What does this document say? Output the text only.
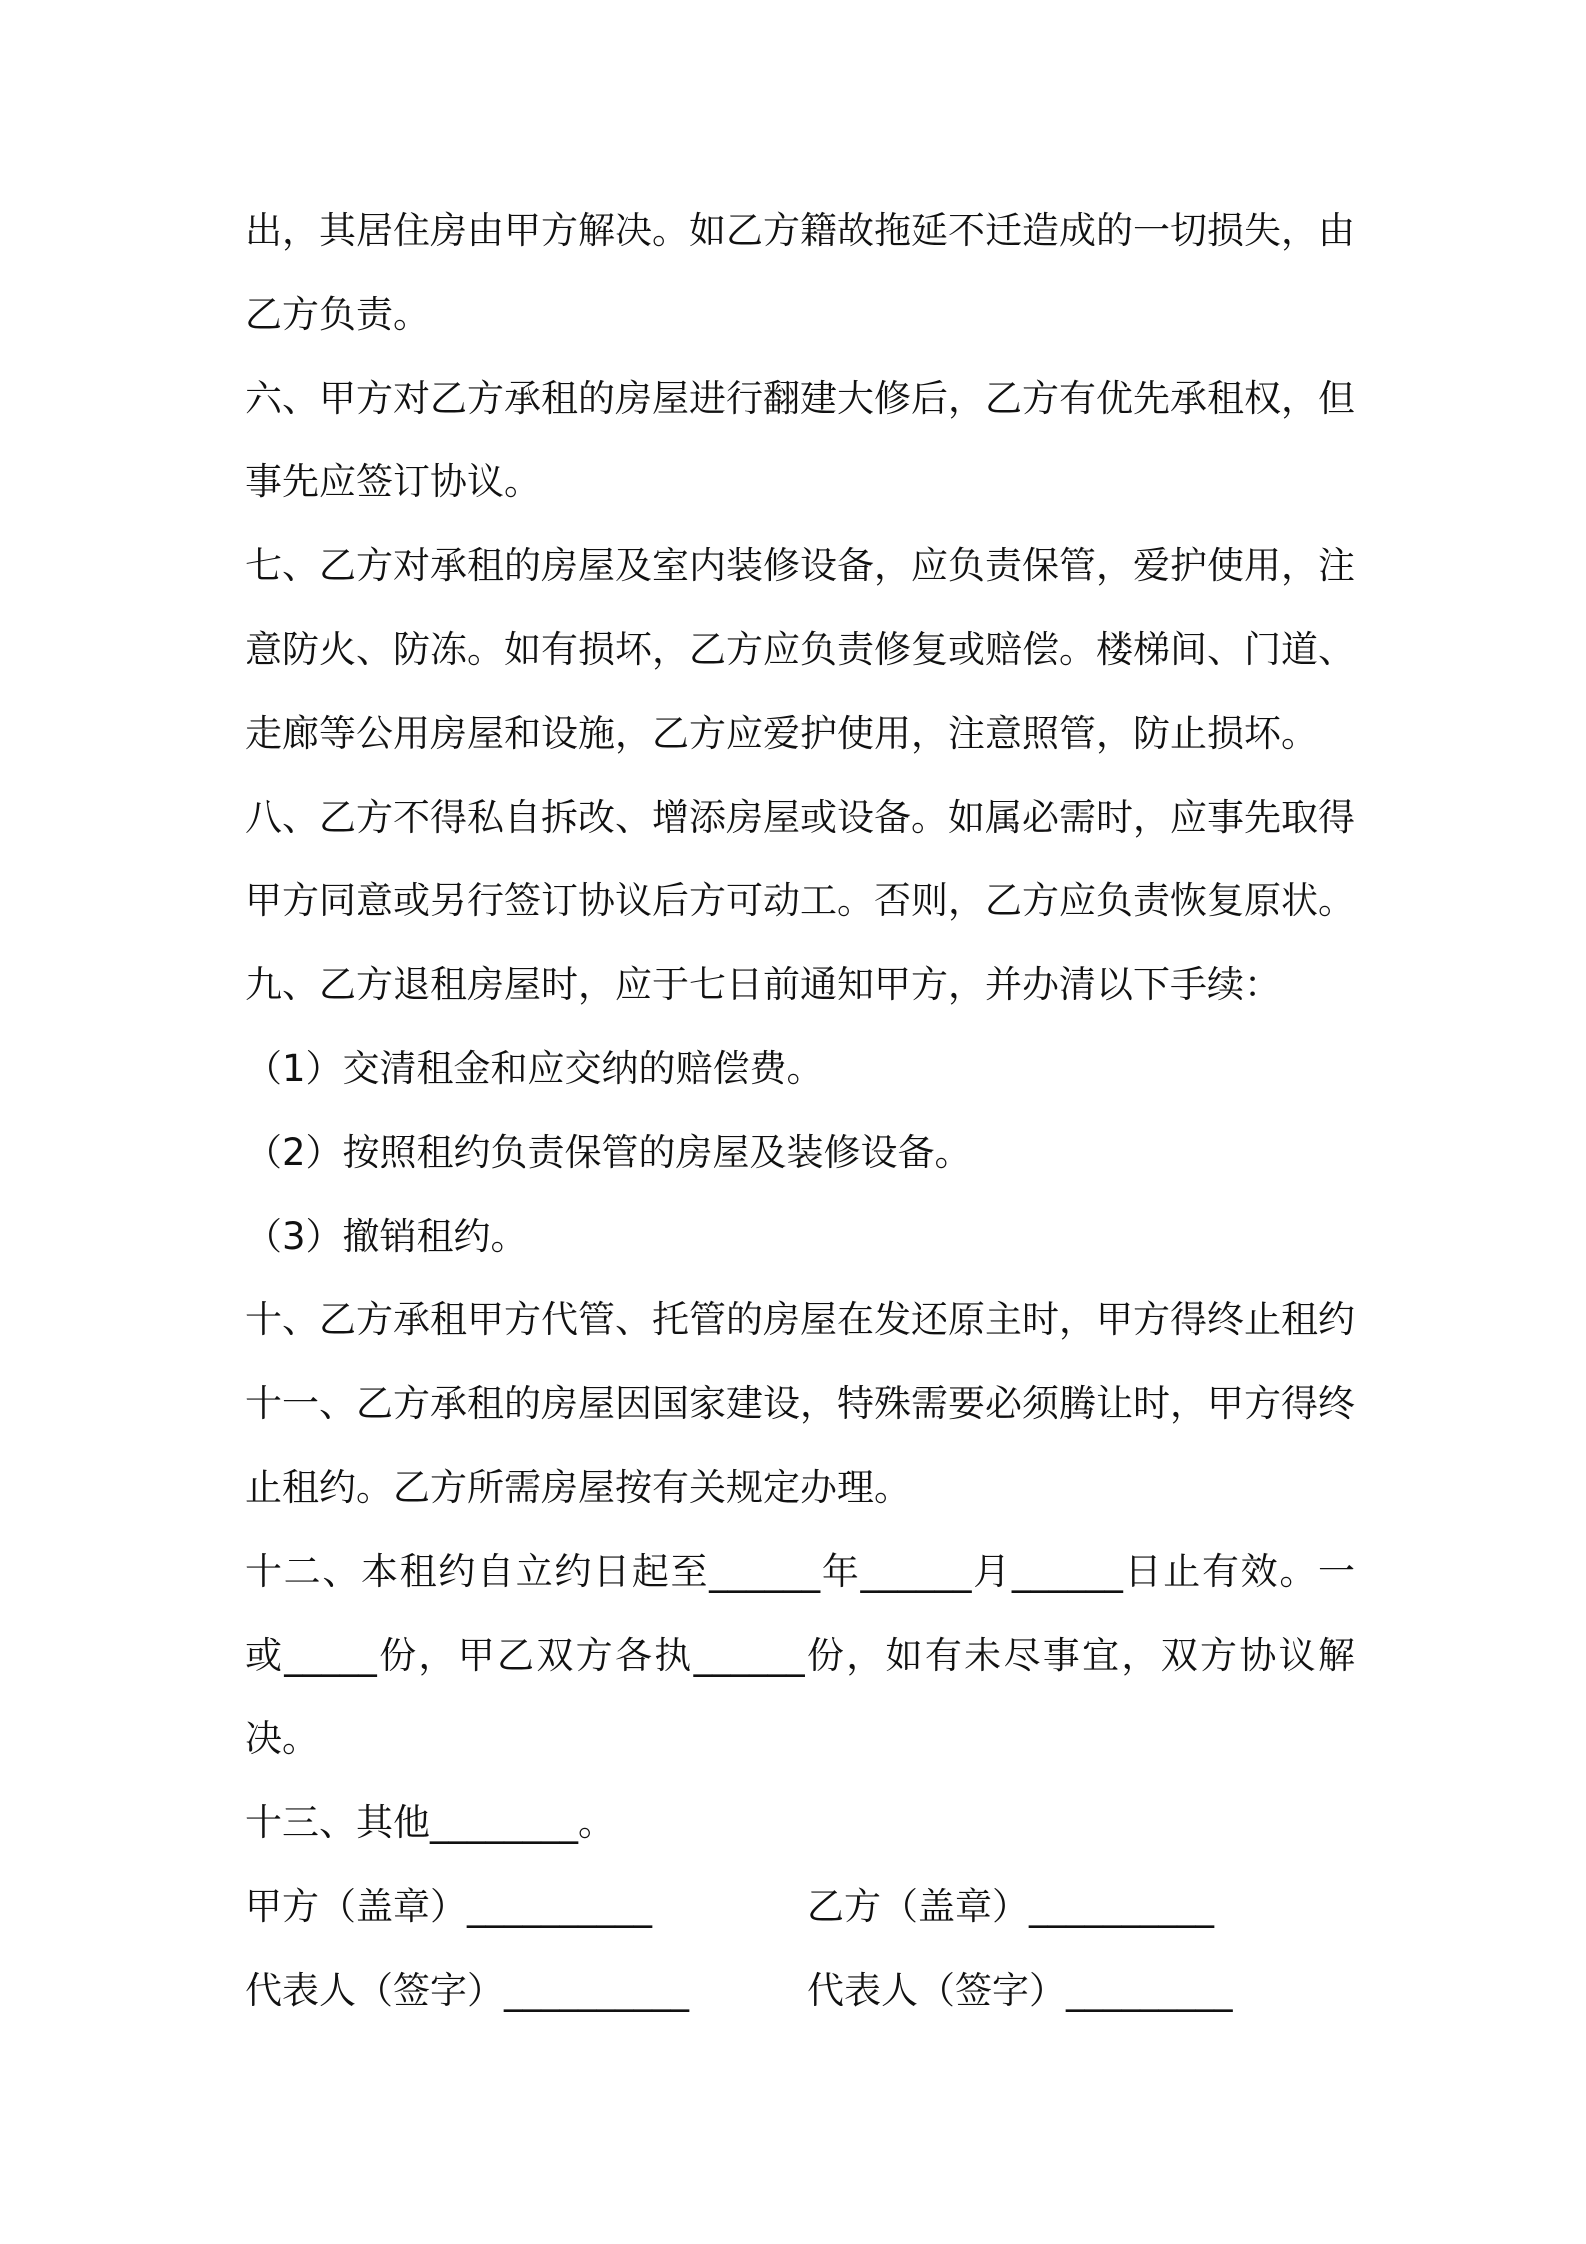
出，其居住房由甲方解决。如乙方籍故拖延不迁造成的一切损失，由
乙方负责。
六、甲方对乙方承租的房屋进行翻建大修后，乙方有优先承租权，但
事先应签订协议。
七、乙方对承租的房屋及室内装修设备，应负责保管，爱护使用，注
意防火、防冻。如有损坏，乙方应负责修复或赔偿。楼梯间、门道、
走廊等公用房屋和设施，乙方应爱护使用，注意照管，防止损坏。
八、乙方不得私自拆改、增添房屋或设备。如属必需时，应事先取得
甲方同意或另行签订协议后方可动工。否则，乙方应负责恢复原状。
九、乙方退租房屋时，应于七日前通知甲方，并办清以下手续：
（1）交清租金和应交纳的赔偿费。
（2）按照租约负责保管的房屋及装修设备。
（3）撤销租约。
十、乙方承租甲方代管、托管的房屋在发还原主时，甲方得终止租约
十一、乙方承租的房屋因国家建设，特殊需要必须腾让时，甲方得终
止租约。乙方所需房屋按有关规定办理。
十二、本租约自立约日起至______年______月______日止有效。一
或_____份，甲乙双方各执______份，如有未尽事宜，双方协议解
决。
十三、其他________。
甲方（盖章）__________	乙方（盖章）__________
代表人（签字）__________	代表人（签字）_________
